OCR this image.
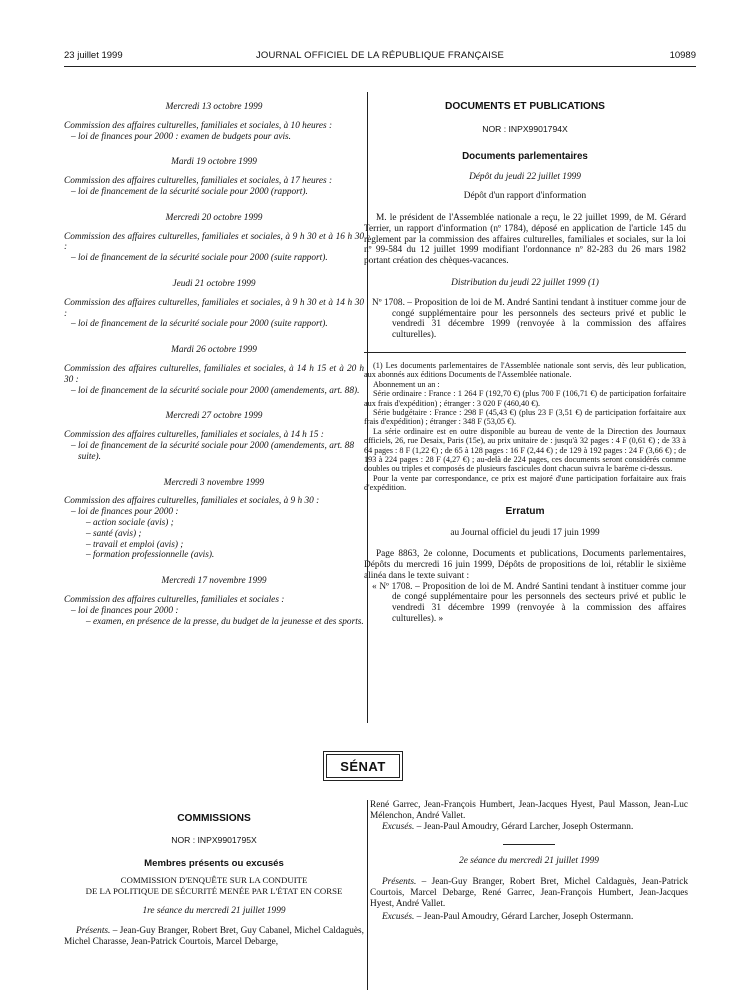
23 juillet 1999	JOURNAL OFFICIEL DE LA RÉPUBLIQUE FRANÇAISE	10989

Mercredi 13 octobre 1999

Commission des affaires culturelles, familiales et sociales, à 10 heures :

– loi de finances pour 2000 : examen de budgets pour avis.

Mardi 19 octobre 1999

Commission des affaires culturelles, familiales et sociales, à 17 heures :

– loi de financement de la sécurité sociale pour 2000 (rapport).

Mercredi 20 octobre 1999

Commission des affaires culturelles, familiales et sociales, à 9 h 30 et à 16 h 30 :

– loi de financement de la sécurité sociale pour 2000 (suite rapport).

Jeudi 21 octobre 1999

Commission des affaires culturelles, familiales et sociales, à 9 h 30 et à 14 h 30 :

– loi de financement de la sécurité sociale pour 2000 (suite rapport).

Mardi 26 octobre 1999

Commission des affaires culturelles, familiales et sociales, à 14 h 15 et à 20 h 30 :

– loi de financement de la sécurité sociale pour 2000 (amendements, art. 88).

Mercredi 27 octobre 1999

Commission des affaires culturelles, familiales et sociales, à 14 h 15 :

– loi de financement de la sécurité sociale pour 2000 (amendements, art. 88 suite).

Mercredi 3 novembre 1999

Commission des affaires culturelles, familiales et sociales, à 9 h 30 :

– loi de finances pour 2000 :

– action sociale (avis) ;

– santé (avis) ;

– travail et emploi (avis) ;

– formation professionnelle (avis).

Mercredi 17 novembre 1999

Commission des affaires culturelles, familiales et sociales :

– loi de finances pour 2000 :

– examen, en présence de la presse, du budget de la jeunesse et des sports.

DOCUMENTS ET PUBLICATIONS

NOR : INPX9901794X

Documents parlementaires

Dépôt du jeudi 22 juillet 1999

Dépôt d'un rapport d'information

M. le président de l'Assemblée nationale a reçu, le 22 juillet 1999, de M. Gérard Terrier, un rapport d'information (nº 1784), déposé en application de l'article 145 du règlement par la commission des affaires culturelles, familiales et sociales, sur la loi nº 99-584 du 12 juillet 1999 modifiant l'ordonnance nº 82-283 du 26 mars 1982 portant création des chèques-vacances.

Distribution du jeudi 22 juillet 1999 (1)

Nº 1708. – Proposition de loi de M. André Santini tendant à instituer comme jour de congé supplémentaire pour les personnels des secteurs privé et public le vendredi 31 décembre 1999 (renvoyée à la commission des affaires culturelles).

(1) Les documents parlementaires de l'Assemblée nationale sont servis, dès leur publication, aux abonnés aux éditions Documents de l'Assemblée nationale.

Abonnement un an :

Série ordinaire : France : 1 264 F (192,70 €) (plus 700 F (106,71 €) de participation forfaitaire aux frais d'expédition) ; étranger : 3 020 F (460,40 €).

Série budgétaire : France : 298 F (45,43 €) (plus 23 F (3,51 €) de participation forfaitaire aux frais d'expédition) ; étranger : 348 F (53,05 €).

La série ordinaire est en outre disponible au bureau de vente de la Direction des Journaux officiels, 26, rue Desaix, Paris (15e), au prix unitaire de : jusqu'à 32 pages : 4 F (0,61 €) ; de 33 à 64 pages : 8 F (1,22 €) ; de 65 à 128 pages : 16 F (2,44 €) ; de 129 à 192 pages : 24 F (3,66 €) ; de 193 à 224 pages : 28 F (4,27 €) ; au-delà de 224 pages, ces documents seront considérés comme doubles ou triples et composés de plusieurs fascicules dont chacun suivra le barème ci-dessus.

Pour la vente par correspondance, ce prix est majoré d'une participation forfaitaire aux frais d'expédition.

Erratum

au Journal officiel du jeudi 17 juin 1999

Page 8863, 2e colonne, Documents et publications, Documents parlementaires, Dépôts du mercredi 16 juin 1999, Dépôts de propositions de loi, rétablir le sixième alinéa dans le texte suivant :

« Nº 1708. – Proposition de loi de M. André Santini tendant à instituer comme jour de congé supplémentaire pour les personnels des secteurs privé et public le vendredi 31 décembre 1999 (renvoyée à la commission des affaires culturelles). »

SÉNAT

COMMISSIONS

NOR : INPX9901795X

Membres présents ou excusés

COMMISSION D'ENQUÊTE SUR LA CONDUITE

DE LA POLITIQUE DE SÉCURITÉ MENÉE PAR L'ÉTAT EN CORSE

1re séance du mercredi 21 juillet 1999

Présents. – Jean-Guy Branger, Robert Bret, Guy Cabanel, Michel Caldaguès, Michel Charasse, Jean-Patrick Courtois, Marcel Debarge,

René Garrec, Jean-François Humbert, Jean-Jacques Hyest, Paul Masson, Jean-Luc Mélenchon, André Vallet.

Excusés. – Jean-Paul Amoudry, Gérard Larcher, Joseph Ostermann.

2e séance du mercredi 21 juillet 1999

Présents. – Jean-Guy Branger, Robert Bret, Michel Caldaguès, Jean-Patrick Courtois, Marcel Debarge, René Garrec, Jean-François Humbert, Jean-Jacques Hyest, André Vallet.

Excusés. – Jean-Paul Amoudry, Gérard Larcher, Joseph Ostermann.
